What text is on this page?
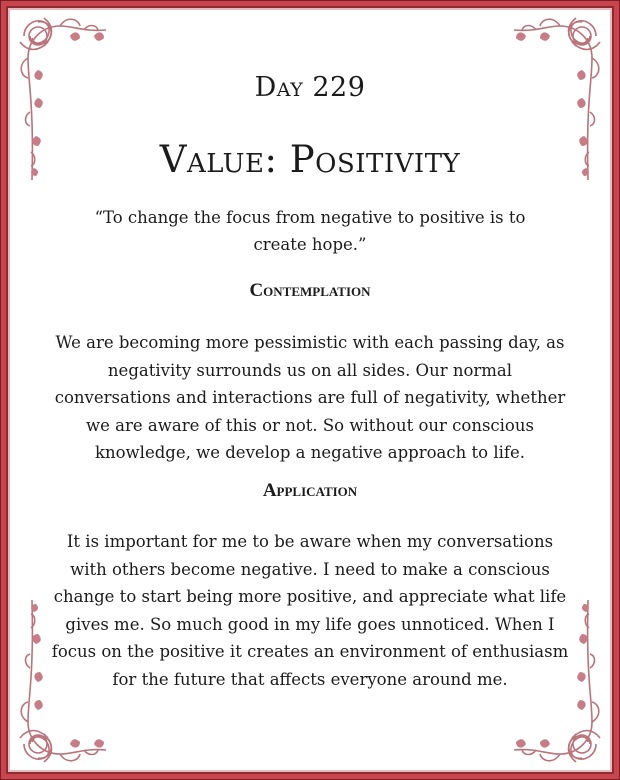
Day 229
Value: Positivity
“To change the focus from negative to positive is to create hope.”
Contemplation
We are becoming more pessimistic with each passing day, as negativity surrounds us on all sides. Our normal conversations and interactions are full of negativity, whether we are aware of this or not. So without our conscious knowledge, we develop a negative approach to life.
Application
It is important for me to be aware when my conversations with others become negative. I need to make a conscious change to start being more positive, and appreciate what life gives me. So much good in my life goes unnoticed. When I focus on the positive it creates an environment of enthusiasm for the future that affects everyone around me.
